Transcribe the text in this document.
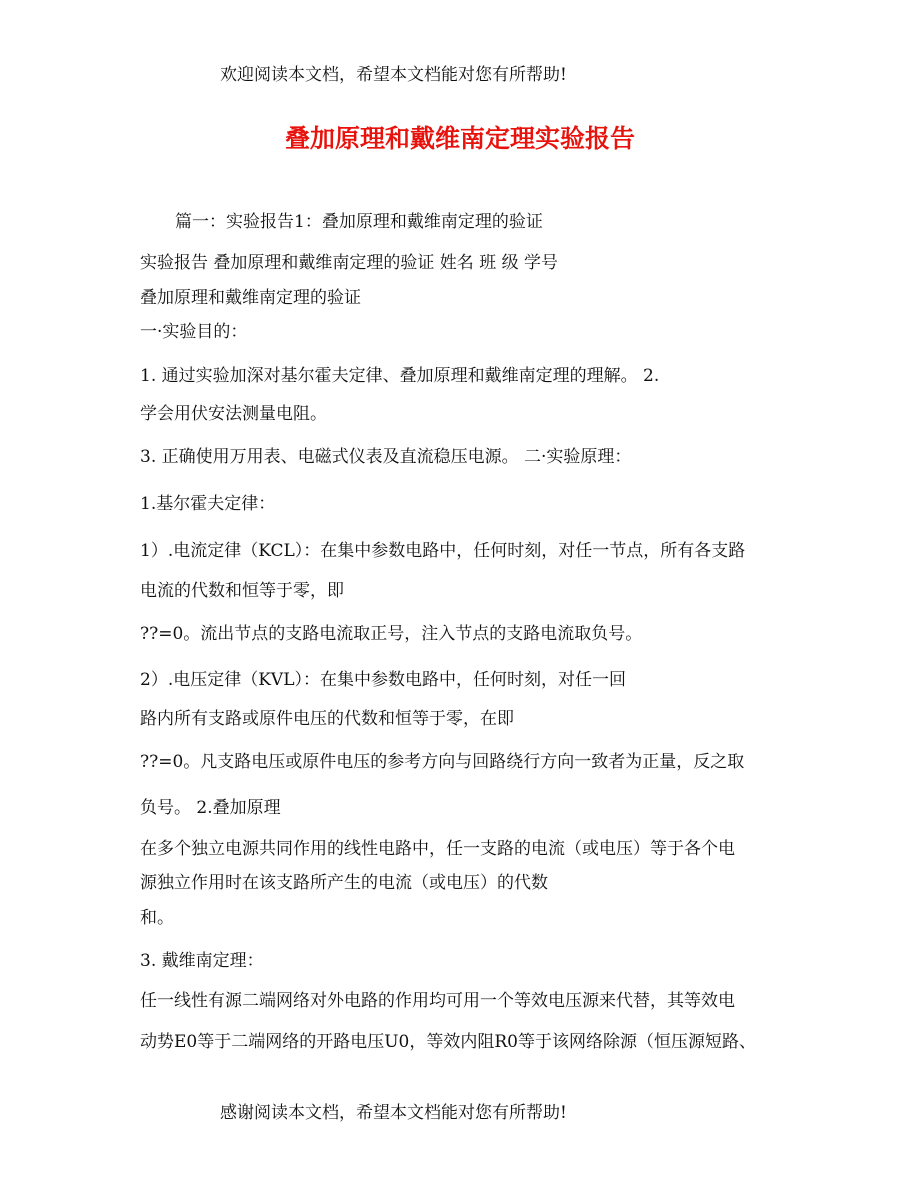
欢迎阅读本文档，希望本文档能对您有所帮助!
叠加原理和戴维南定理实验报告
篇一：实验报告1：叠加原理和戴维南定理的验证
实验报告 叠加原理和戴维南定理的验证 姓名 班 级 学号
叠加原理和戴维南定理的验证
一·实验目的：
1. 通过实验加深对基尔霍夫定律、叠加原理和戴维南定理的理解。 2.
学会用伏安法测量电阻。
3. 正确使用万用表、电磁式仪表及直流稳压电源。 二·实验原理：
1.基尔霍夫定律：
1）.电流定律（KCL）：在集中参数电路中，任何时刻，对任一节点，所有各支路
电流的代数和恒等于零，即
??=0。流出节点的支路电流取正号，注入节点的支路电流取负号。
2）.电压定律（KVL）：在集中参数电路中，任何时刻，对任一回
路内所有支路或原件电压的代数和恒等于零，在即
??=0。凡支路电压或原件电压的参考方向与回路绕行方向一致者为正量，反之取
负号。 2.叠加原理
在多个独立电源共同作用的线性电路中，任一支路的电流（或电压）等于各个电
源独立作用时在该支路所产生的电流（或电压）的代数
和。
3. 戴维南定理：
任一线性有源二端网络对外电路的作用均可用一个等效电压源来代替，其等效电
动势E0等于二端网络的开路电压U0，等效内阻R0等于该网络除源（恒压源短路、
感谢阅读本文档，希望本文档能对您有所帮助!
